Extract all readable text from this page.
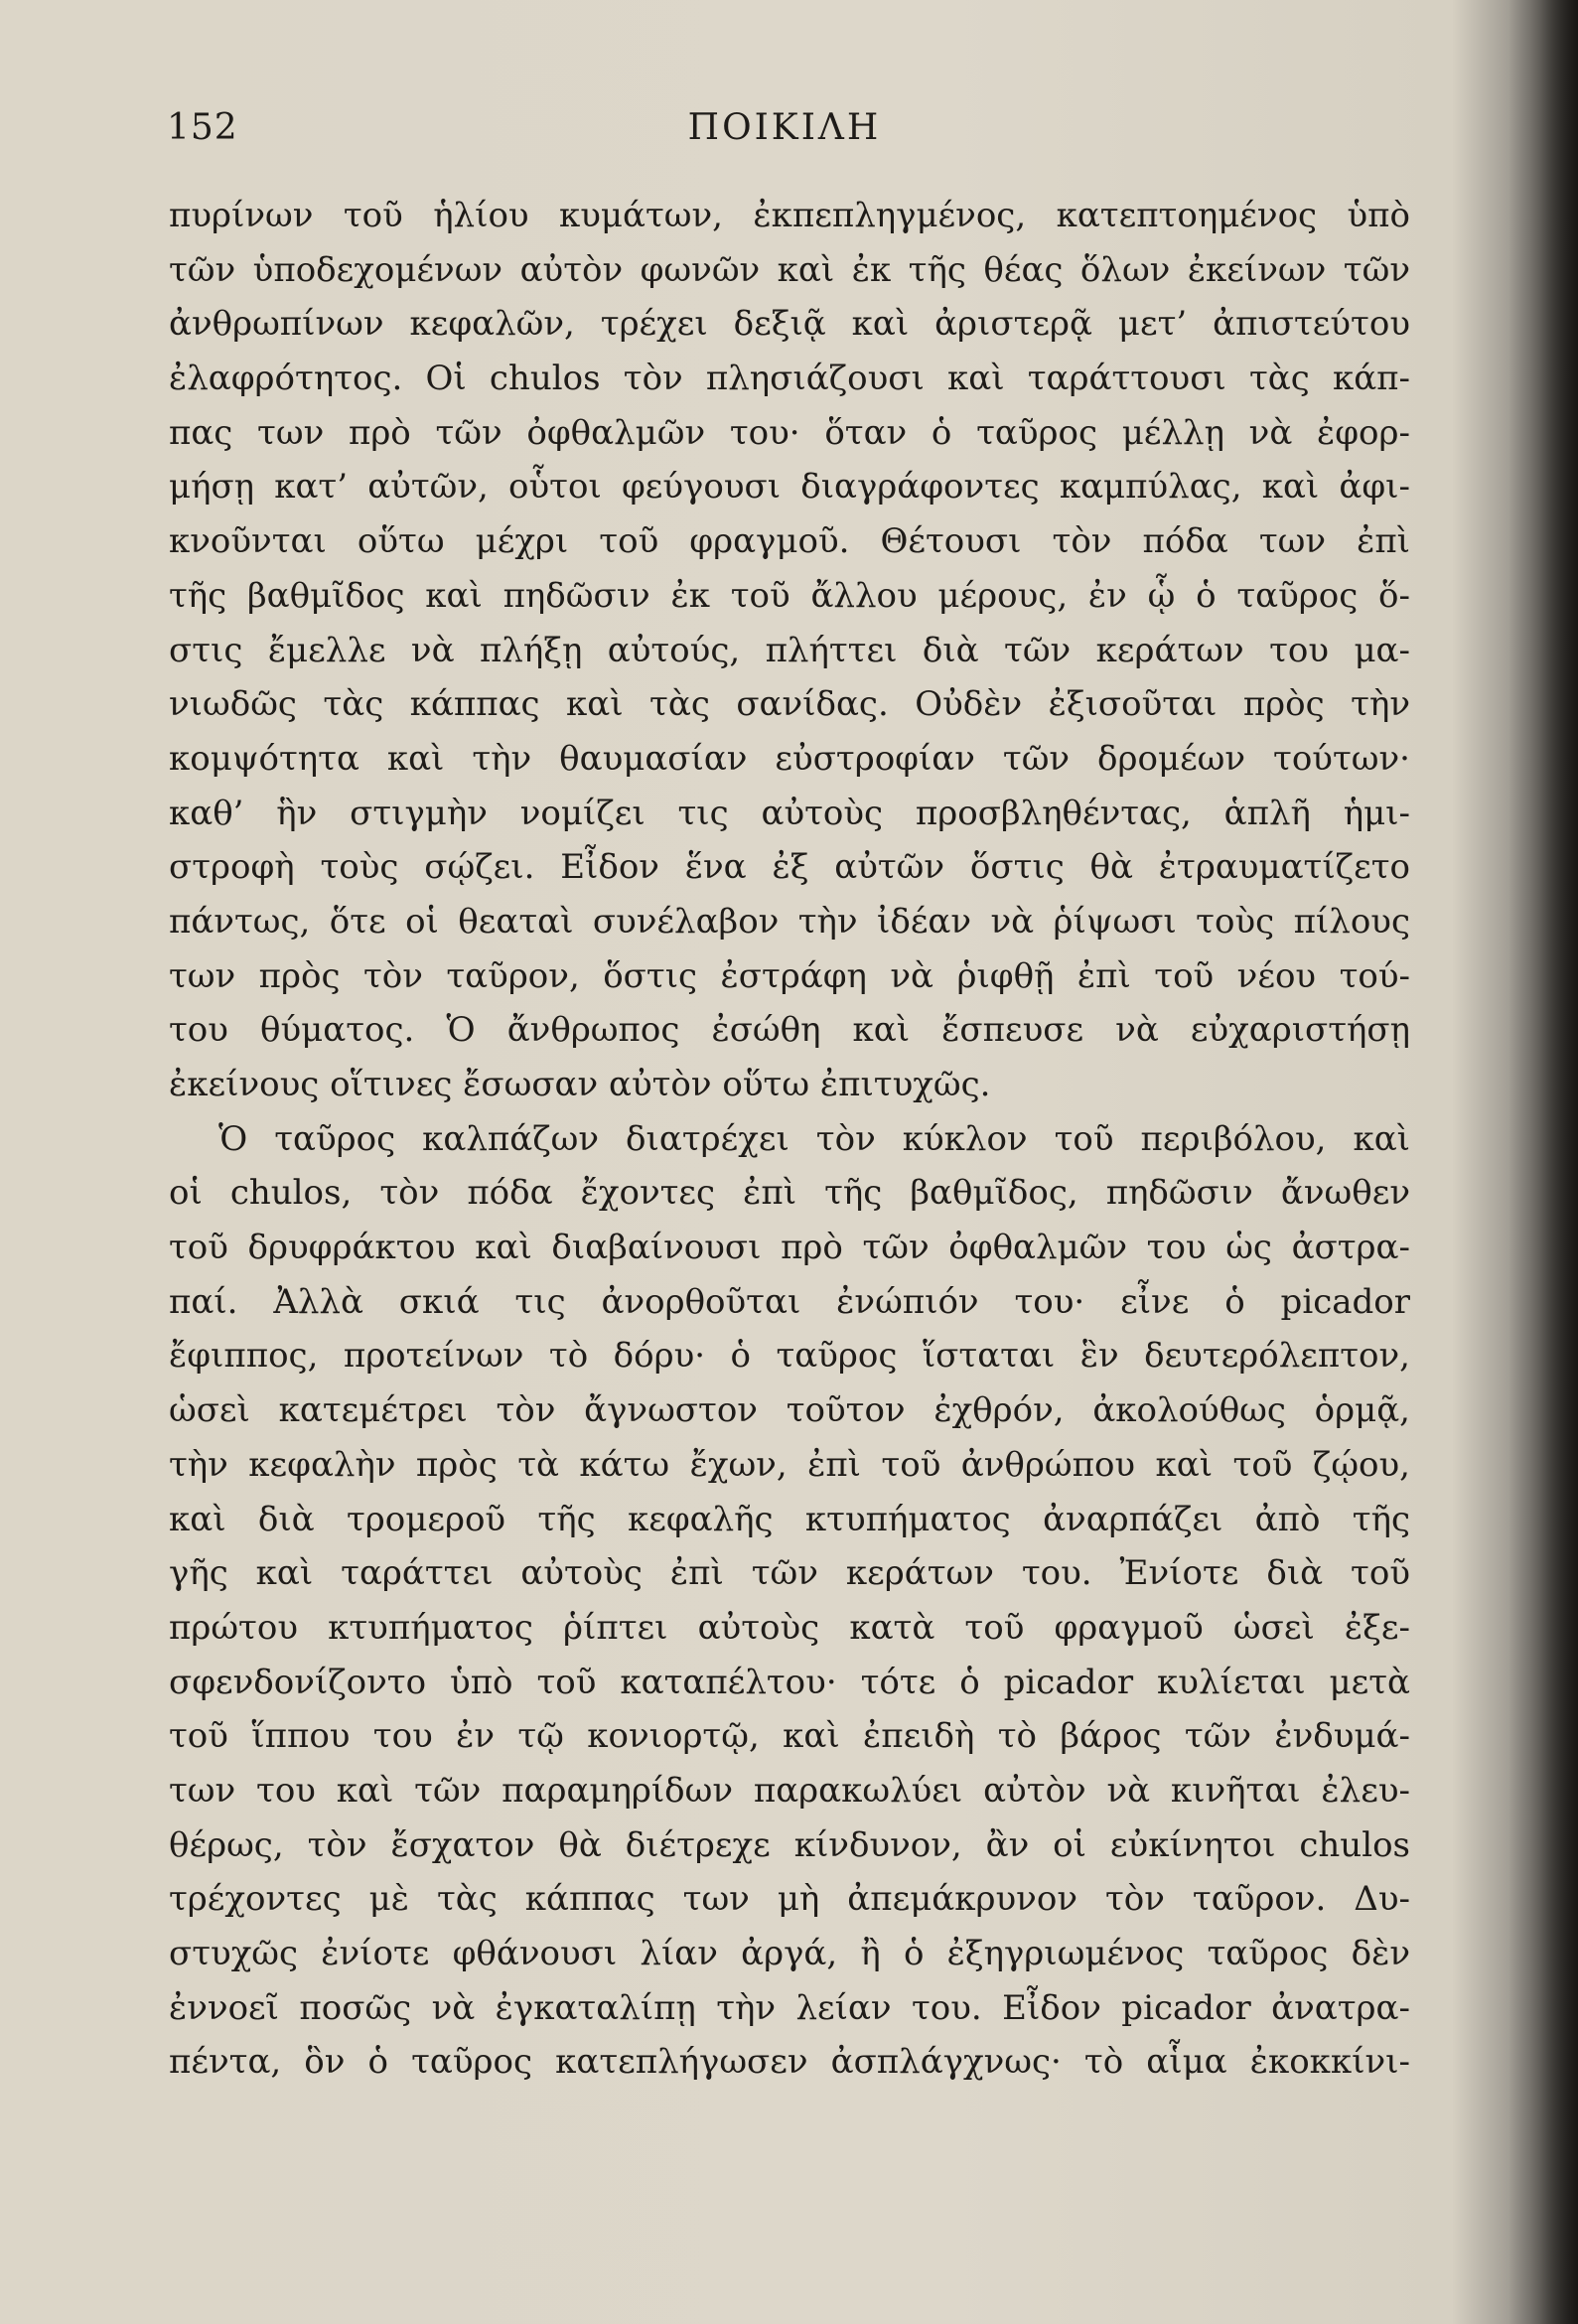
152	ΠΟΙΚΙΛΗ
πυρίνων τοῦ ἡλίου κυμάτων, ἐκπεπληγμένος, κατεπτοημένος ὑπὸ
τῶν ὑποδεχομένων αὐτὸν φωνῶν καὶ ἐκ τῆς θέας ὅλων ἐκείνων τῶν
ἀνθρωπίνων κεφαλῶν, τρέχει δεξιᾷ καὶ ἀριστερᾷ μετ’ ἀπιστεύτου
ἐλαφρότητος. Οἱ chulos τὸν πλησιάζουσι καὶ ταράττουσι τὰς κάπ-
πας των πρὸ τῶν ὀφθαλμῶν του· ὅταν ὁ ταῦρος μέλλῃ νὰ ἐφορ-
μήσῃ κατ’ αὐτῶν, οὗτοι φεύγουσι διαγράφοντες καμπύλας, καὶ ἀφι-
κνοῦνται οὕτω μέχρι τοῦ φραγμοῦ. Θέτουσι τὸν πόδα των ἐπὶ
τῆς βαθμῖδος καὶ πηδῶσιν ἐκ τοῦ ἄλλου μέρους, ἐν ᾧ ὁ ταῦρος ὅ-
στις ἔμελλε νὰ πλήξῃ αὐτούς, πλήττει διὰ τῶν κεράτων του μα-
νιωδῶς τὰς κάππας καὶ τὰς σανίδας. Οὐδὲν ἐξισοῦται πρὸς τὴν
κομψότητα καὶ τὴν θαυμασίαν εὐστροφίαν τῶν δρομέων τούτων·
καθ’ ἣν στιγμὴν νομίζει τις αὐτοὺς προσβληθέντας, ἁπλῆ ἡμι-
στροφὴ τοὺς σῴζει. Εἶδον ἕνα ἐξ αὐτῶν ὅστις θὰ ἐτραυματίζετο
πάντως, ὅτε οἱ θεαταὶ συνέλαβον τὴν ἰδέαν νὰ ῥίψωσι τοὺς πίλους
των πρὸς τὸν ταῦρον, ὅστις ἐστράφη νὰ ῥιφθῇ ἐπὶ τοῦ νέου τού-
του θύματος. Ὁ ἄνθρωπος ἐσώθη καὶ ἔσπευσε νὰ εὐχαριστήσῃ
ἐκείνους οἵτινες ἔσωσαν αὐτὸν οὕτω ἐπιτυχῶς.
Ὁ ταῦρος καλπάζων διατρέχει τὸν κύκλον τοῦ περιβόλου, καὶ
οἱ chulos, τὸν πόδα ἔχοντες ἐπὶ τῆς βαθμῖδος, πηδῶσιν ἄνωθεν
τοῦ δρυφράκτου καὶ διαβαίνουσι πρὸ τῶν ὀφθαλμῶν του ὡς ἀστρα-
παί. Ἀλλὰ σκιά τις ἀνορθοῦται ἐνώπιόν του· εἶνε ὁ picador
ἔφιππος, προτείνων τὸ δόρυ· ὁ ταῦρος ἵσταται ἓν δευτερόλεπτον,
ὡσεὶ κατεμέτρει τὸν ἄγνωστον τοῦτον ἐχθρόν, ἀκολούθως ὁρμᾷ,
τὴν κεφαλὴν πρὸς τὰ κάτω ἔχων, ἐπὶ τοῦ ἀνθρώπου καὶ τοῦ ζῴου,
καὶ διὰ τρομεροῦ τῆς κεφαλῆς κτυπήματος ἀναρπάζει ἀπὸ τῆς
γῆς καὶ ταράττει αὐτοὺς ἐπὶ τῶν κεράτων του. Ἐνίοτε διὰ τοῦ
πρώτου κτυπήματος ῥίπτει αὐτοὺς κατὰ τοῦ φραγμοῦ ὡσεὶ ἐξε-
σφενδονίζοντο ὑπὸ τοῦ καταπέλτου· τότε ὁ picador κυλίεται μετὰ
τοῦ ἵππου του ἐν τῷ κονιορτῷ, καὶ ἐπειδὴ τὸ βάρος τῶν ἐνδυμά-
των του καὶ τῶν παραμηρίδων παρακωλύει αὐτὸν νὰ κινῆται ἐλευ-
θέρως, τὸν ἔσχατον θὰ διέτρεχε κίνδυνον, ἂν οἱ εὐκίνητοι chulos
τρέχοντες μὲ τὰς κάππας των μὴ ἀπεμάκρυνον τὸν ταῦρον. Δυ-
στυχῶς ἐνίοτε φθάνουσι λίαν ἀργά, ἢ ὁ ἐξηγριωμένος ταῦρος δὲν
ἐννοεῖ ποσῶς νὰ ἐγκαταλίπῃ τὴν λείαν του. Εἶδον picador ἀνατρα-
πέντα, ὃν ὁ ταῦρος κατεπλήγωσεν ἀσπλάγχνως· τὸ αἷμα ἐκοκκίνι-
